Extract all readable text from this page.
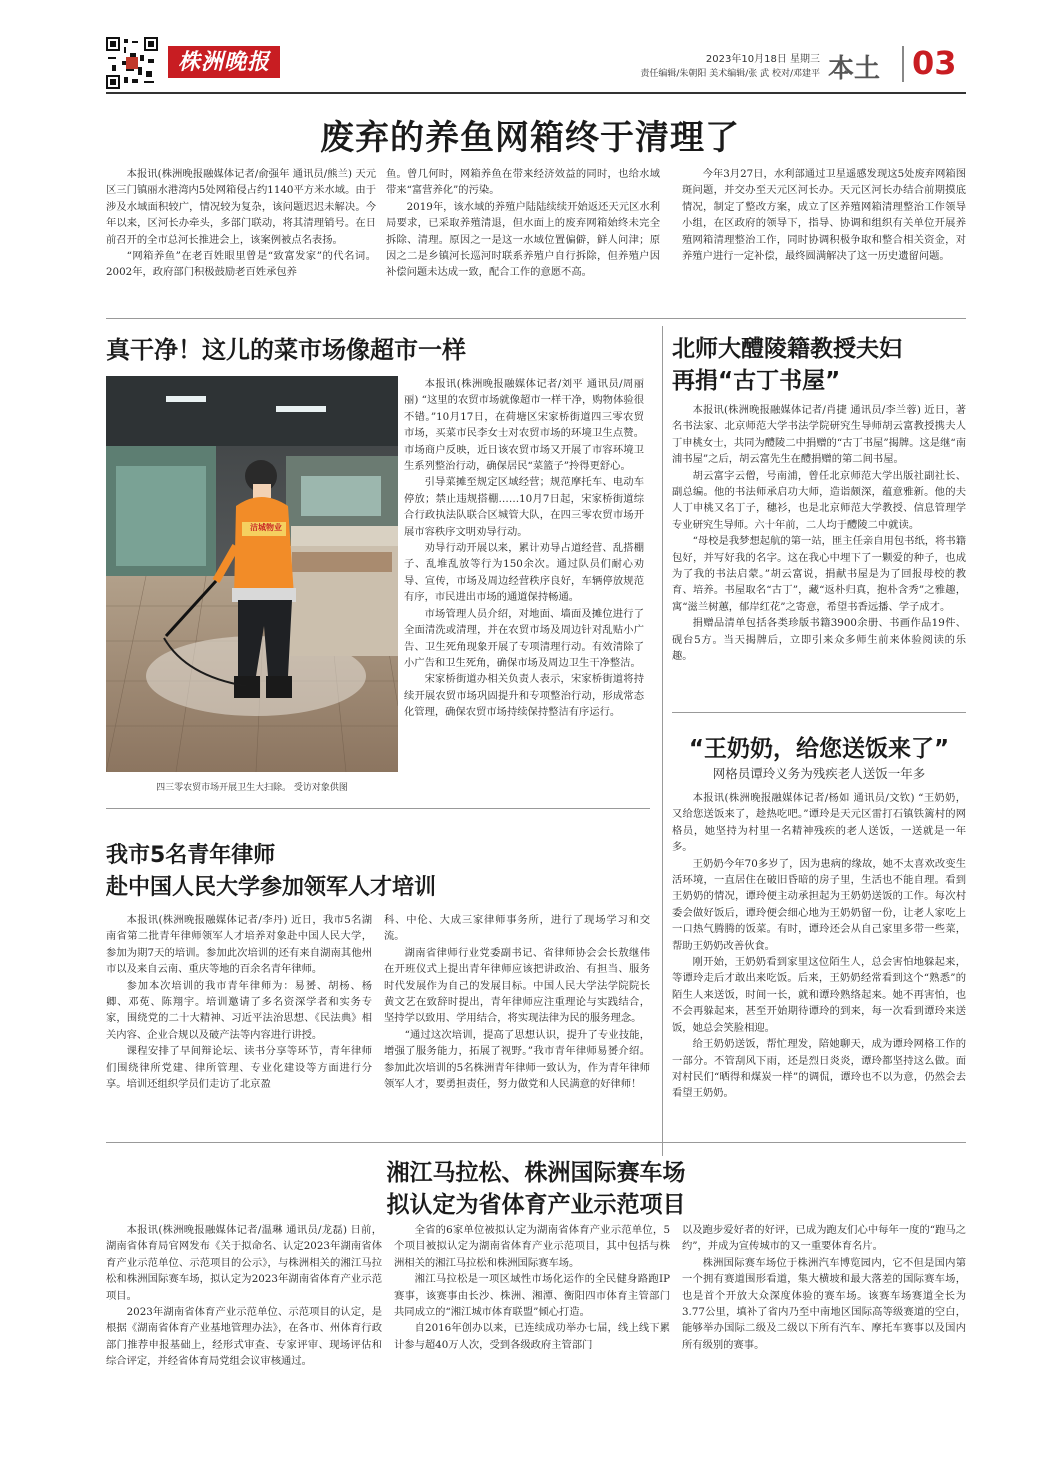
株洲晚报	2023年10月18日 星期三
责任编辑/朱朝阳 美术编辑/张 武 校对/邓建平 本土 03
废弃的养鱼网箱终于清理了

本报讯(株洲晚报融媒体记者/俞强年 通讯员/熊兰) 天元区三门镇丽水港湾内5处网箱侵占约1140平方米水域。由于涉及水域面积较广，情况较为复杂，该问题迟迟未解决。今年以来，区河长办牵头，多部门联动，将其清理销号。在日前召开的全市总河长推进会上，该案例被点名表扬。

“网箱养鱼”在老百姓眼里曾是“致富发家”的代名词。2002年，政府部门积极鼓励老百姓承包养

鱼。曾几何时，网箱养鱼在带来经济效益的同时，也给水域带来“富营养化”的污染。

2019年，该水域的养殖户陆陆续续开始返还天元区水利局要求，已采取养殖清退，但水面上的废弃网箱始终未完全拆除、清理。原因之一是这一水域位置偏僻，鲜人问津；原因之二是乡镇河长巡河时联系养殖户自行拆除，但养殖户因补偿问题未达成一致，配合工作的意愿不高。

今年3月27日，水利部通过卫星遥感发现这5处废弃网箱图斑问题，并交办至天元区河长办。天元区河长办结合前期摸底情况，制定了整改方案，成立了区养殖网箱清理整治工作领导小组，在区政府的领导下，指导、协调和组织有关单位开展养殖网箱清理整治工作，同时协调积极争取和整合相关资金，对养殖户进行一定补偿，最终圆满解决了这一历史遗留问题。

真干净！这儿的菜市场像超市一样
洁城物业
四三零农贸市场开展卫生大扫除。 受访对象供图

本报讯(株洲晚报融媒体记者/刘平 通讯员/周丽丽) “这里的农贸市场就像超市一样干净，购物体验很不错。”10月17日，在荷塘区宋家桥街道四三零农贸市场，买菜市民李女士对农贸市场的环境卫生点赞。市场商户反映，近日该农贸市场又开展了市容环境卫生系列整治行动，确保居民“菜篮子”拎得更舒心。

引导菜摊至规定区域经营；规范摩托车、电动车停放；禁止违规搭棚……10月7日起，宋家桥街道综合行政执法队联合区城管大队，在四三零农贸市场开展市容秩序文明劝导行动。

劝导行动开展以来，累计劝导占道经营、乱搭棚子、乱堆乱放等行为150余次。通过队员们耐心劝导、宣传，市场及周边经营秩序良好，车辆停放规范有序，市民进出市场的通道保持畅通。

市场管理人员介绍，对地面、墙面及摊位进行了全面清洗或清理，并在农贸市场及周边针对乱贴小广告、卫生死角现象开展了专项清理行动。有效清除了小广告和卫生死角，确保市场及周边卫生干净整洁。

宋家桥街道办相关负责人表示，宋家桥街道将持续开展农贸市场巩固提升和专项整治行动，形成常态化管理，确保农贸市场持续保持整洁有序运行。

北师大醴陵籍教授夫妇
再捐“古丁书屋”

本报讯(株洲晚报融媒体记者/肖捷 通讯员/李兰蓉) 近日，著名书法家、北京师范大学书法学院研究生导师胡云富教授携夫人丁申桃女士，共同为醴陵二中捐赠的“古丁书屋”揭牌。这是继“南浦书屋”之后，胡云富先生在醴捐赠的第二间书屋。

胡云富字云僧，号南浦，曾任北京师范大学出版社副社长、副总编。他的书法师承启功大师，造诣颇深，蕴意雅新。他的夫人丁申桃又名丁子，穗衫，也是北京师范大学教授、信息管理学专业研究生导师。六十年前，二人均于醴陵二中就读。

“母校是我梦想起航的第一站，匪主任亲自用包书纸，将书籍包好，并写好我的名字。这在我心中埋下了一颗爱的种子，也成为了我的书法启蒙。”胡云富说，捐献书屋是为了回报母校的教育、培养。书屋取名“古丁”，藏“返朴归真，抱朴含秀”之雅趣，寓“滋兰树蕙，郁岸红花”之寄意，希望书香远播、学子成才。

捐赠品清单包括各类珍版书籍3900余册、书画作品19件、砚台5方。当天揭牌后，立即引来众多师生前来体验阅读的乐趣。

“王奶奶，给您送饭来了”
网格员谭玲义务为残疾老人送饭一年多

本报讯(株洲晚报融媒体记者/杨如 通讯员/文钦) “王奶奶，又给您送饭来了，趁热吃吧。”谭玲是天元区雷打石镇铁篱村的网格员，她坚持为村里一名精神残疾的老人送饭，一送就是一年多。

王奶奶今年70多岁了，因为患病的缘故，她不太喜欢改变生活环境，一直居住在破旧昏暗的房子里，生活也不能自理。看到王奶奶的情况，谭玲便主动承担起为王奶奶送饭的工作。每次村委会做好饭后，谭玲便会细心地为王奶奶留一份，让老人家吃上一口热气腾腾的饭菜。有时，谭玲还会从自己家里多带一些菜，帮助王奶奶改善伙食。

刚开始，王奶奶看到家里这位陌生人，总会害怕地躲起来，等谭玲走后才敢出来吃饭。后来，王奶奶经常看到这个“熟悉”的陌生人来送饭，时间一长，就和谭玲熟络起来。她不再害怕，也不会再躲起来，甚至开始期待谭玲的到来，每一次看到谭玲来送饭，她总会笑脸相迎。

给王奶奶送饭，帮忙理发，陪她聊天，成为谭玲网格工作的一部分。不管刮风下雨，还是烈日炎炎，谭玲都坚持这么做。面对村民们“晒得和煤炭一样”的调侃，谭玲也不以为意，仍然会去看望王奶奶。

我市5名青年律师
赴中国人民大学参加领军人才培训

本报讯(株洲晚报融媒体记者/李丹) 近日，我市5名湖南省第二批青年律师领军人才培养对象赴中国人民大学，参加为期7天的培训。参加此次培训的还有来自湖南其他州市以及来自云南、重庆等地的百余名青年律师。

参加本次培训的我市青年律师为：易赟、胡杨、杨卿、邓莬、陈翔宇。培训邀请了多名资深学者和实务专家，围绕党的二十大精神、习近平法治思想、《民法典》相关内容、企业合规以及破产法等内容进行讲授。

课程安排了早间辩论坛、读书分享等环节，青年律师们围绕律所党建、律所管理、专业化建设等方面进行分享。培训还组织学员们走访了北京盈

科、中伦、大成三家律师事务所，进行了现场学习和交流。

湖南省律师行业党委副书记、省律师协会会长敖继伟在开班仪式上提出青年律师应该把讲政治、有担当、服务时代发展作为自己的发展目标。中国人民大学法学院院长黄文艺在致辞时提出，青年律师应注重理论与实践结合，坚持学以致用、学用结合，将实现法律为民的服务理念。

“通过这次培训，提高了思想认识，提升了专业技能，增强了服务能力，拓展了视野。”我市青年律师易赟介绍。参加此次培训的5名株洲青年律师一致认为，作为青年律师领军人才，要勇担责任，努力做党和人民满意的好律师！

湘江马拉松、株洲国际赛车场
拟认定为省体育产业示范项目

本报讯(株洲晚报融媒体记者/温琳 通讯员/龙磊) 日前，湖南省体育局官网发布《关于拟命名、认定2023年湖南省体育产业示范单位、示范项目的公示》，与株洲相关的湘江马拉松和株洲国际赛车场，拟认定为2023年湖南省体育产业示范项目。

2023年湖南省体育产业示范单位、示范项目的认定，是根据《湖南省体育产业基地管理办法》，在各市、州体育行政部门推荐申报基础上，经形式审查、专家评审、现场评估和综合评定，并经省体育局党组会议审核通过。

全省的6家单位被拟认定为湖南省体育产业示范单位，5个项目被拟认定为湖南省体育产业示范项目，其中包括与株洲相关的湘江马拉松和株洲国际赛车场。

湘江马拉松是一项区域性市场化运作的全民健身路跑IP赛事，该赛事由长沙、株洲、湘潭、衡阳四市体育主管部门共同成立的“湘江城市体育联盟”倾心打造。

自2016年创办以来，已连续成功举办七届，线上线下累计参与超40万人次，受到各级政府主管部门

以及跑步爱好者的好评，已成为跑友们心中每年一度的“跑马之约”，并成为宣传城市的又一重要体育名片。

株洲国际赛车场位于株洲汽车博览园内，它不但是国内第一个拥有赛道围形看道，集大横坡和最大落差的国际赛车场，也是首个开放大众深度体验的赛车场。该赛车场赛道全长为3.77公里，填补了省内乃至中南地区国际高等级赛道的空白，能够举办国际二级及二级以下所有汽车、摩托车赛事以及国内所有级别的赛事。
